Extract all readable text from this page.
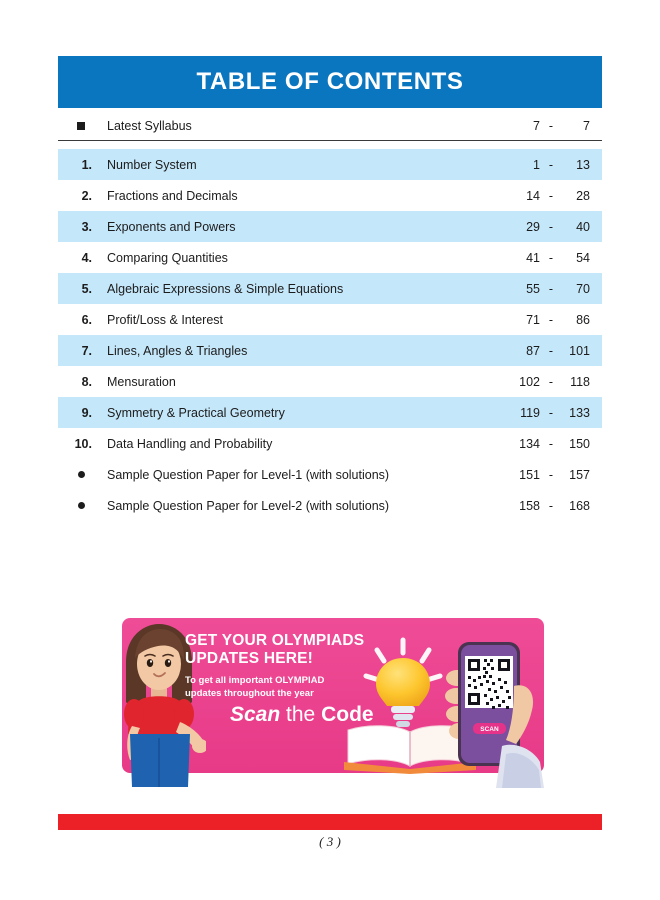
TABLE OF CONTENTS
Latest Syllabus	7 -	7
1.	Number System	1 -	13
2.	Fractions and Decimals	14 -	28
3.	Exponents and Powers	29 -	40
4.	Comparing Quantities	41 -	54
5.	Algebraic Expressions & Simple Equations	55 -	70
6.	Profit/Loss & Interest	71 -	86
7.	Lines, Angles & Triangles	87 -	101
8.	Mensuration	102 -	118
9.	Symmetry & Practical Geometry	119 -	133
10.	Data Handling and Probability	134 -	150
Sample Question Paper for Level-1 (with solutions)	151 -	157
Sample Question Paper for Level-2 (with solutions)	158 -	168
SCAN
GET YOUR OLYMPIADS
UPDATES HERE!
To get all important OLYMPIAD
updates throughout the year
Scan the Code
( 3 )
